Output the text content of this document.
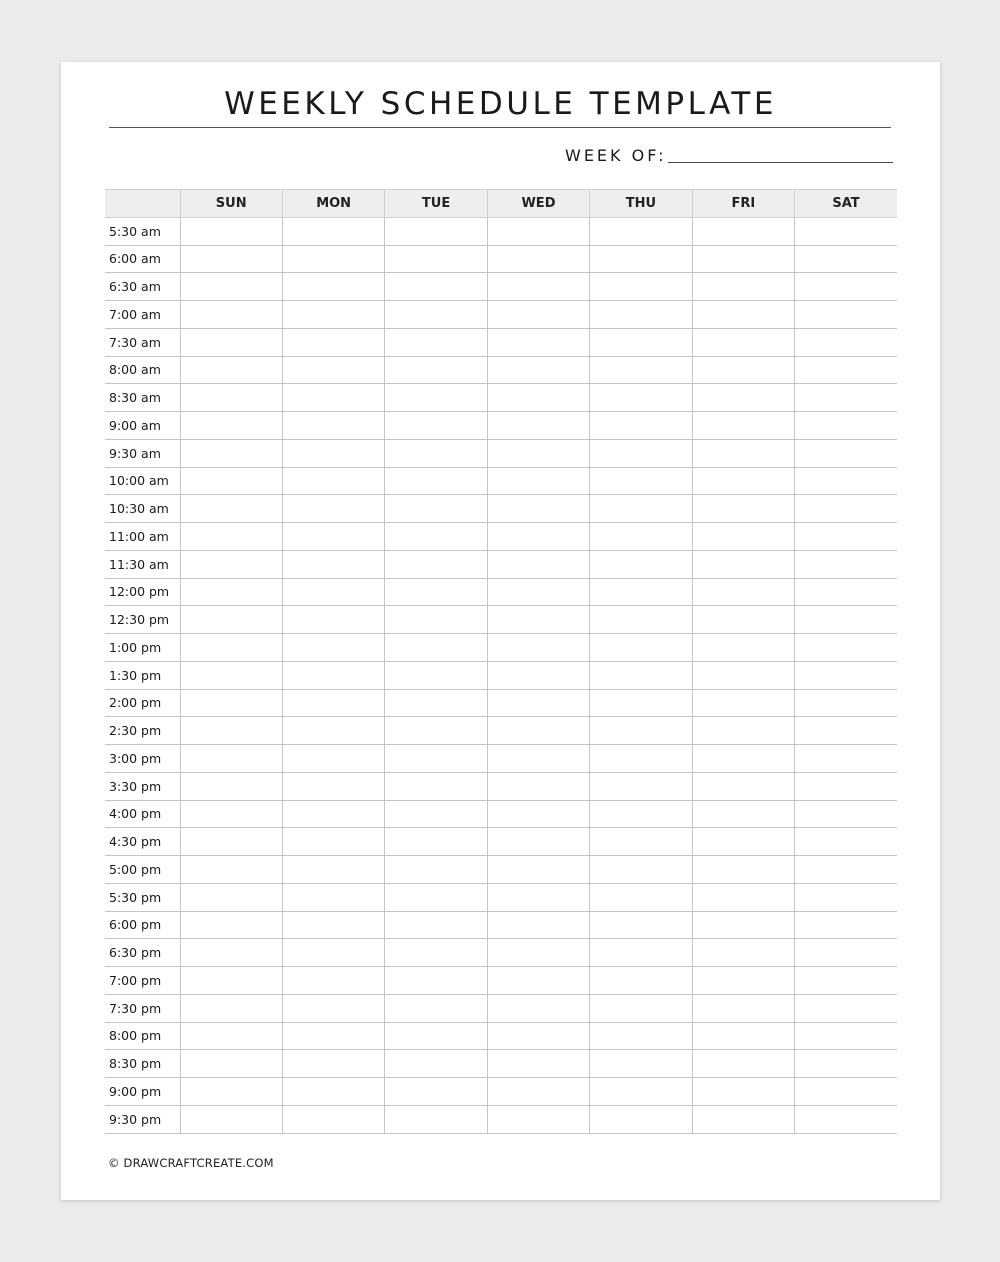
WEEKLY SCHEDULE TEMPLATE
WEEK OF:
	SUN	MON	TUE	WED	THU	FRI	SAT
5:30 am							
6:00 am							
6:30 am							
7:00 am							
7:30 am							
8:00 am							
8:30 am							
9:00 am							
9:30 am							
10:00 am							
10:30 am							
11:00 am							
11:30 am							
12:00 pm							
12:30 pm							
1:00 pm							
1:30 pm							
2:00 pm							
2:30 pm							
3:00 pm							
3:30 pm							
4:00 pm							
4:30 pm							
5:00 pm							
5:30 pm							
6:00 pm							
6:30 pm							
7:00 pm							
7:30 pm							
8:00 pm							
8:30 pm							
9:00 pm							
9:30 pm							
© DRAWCRAFTCREATE.COM
